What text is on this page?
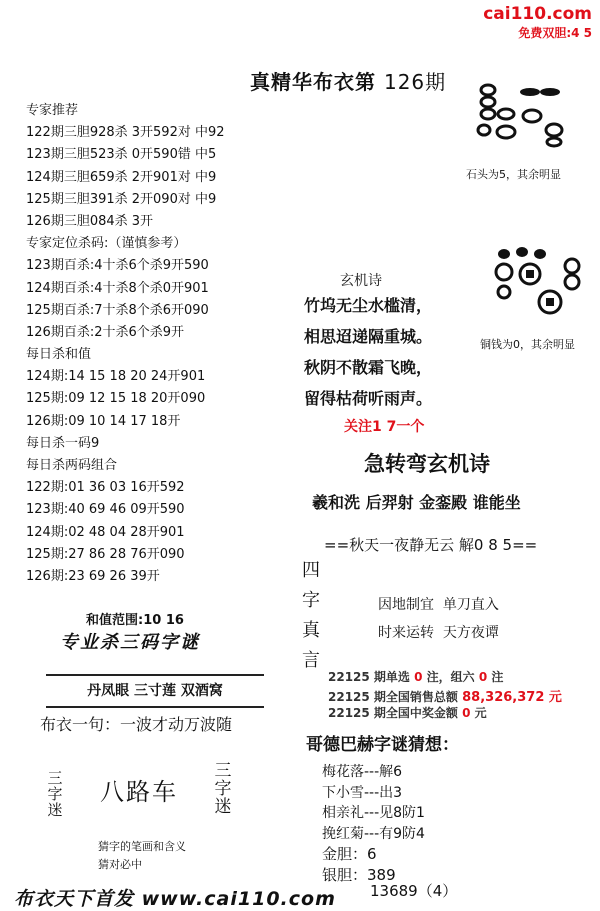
cai110.com
免费双胆:4 5
真精华布衣第 126期
专家推荐
122期三胆928杀 3开592对 中92
123期三胆523杀 0开590错 中5
124期三胆659杀 2开901对 中9
125期三胆391杀 2开090对 中9
126期三胆084杀 3开
专家定位杀码:（谨慎参考）
123期百杀:4十杀6个杀9开590
124期百杀:4十杀8个杀0开901
125期百杀:7十杀8个杀6开090
126期百杀:2十杀6个杀9开
每日杀和值
124期:14 15 18 20 24开901
125期:09 12 15 18 20开090
126期:09 10 14 17 18开
每日杀一码9
每日杀两码组合
122期:01 36 03 16开592
123期:40 69 46 09开590
124期:02 48 04 28开901
125期:27 86 28 76开090
126期:23 69 26 39开
和值范围:10 16
专业杀三码字谜
丹凤眼 三寸莲 双酒窝
布衣一句：一波才动万波随
三字迷
八路车
三字迷
猜字的笔画和含义
猜对必中
布衣天下首发 www.cai110.com
石头为5，其余明显
铜钱为0，其余明显
玄机诗
竹坞无尘水槛清，
相思迢递隔重城。
秋阴不散霜飞晚，
留得枯荷听雨声。
关注1 7一个
急转弯玄机诗
羲和洗 后羿射 金銮殿 谁能坐
==秋天一夜静无云 解0 8 5==
四
字
真
言
因地制宜  单刀直入
时来运转  天方夜谭
22125 期单选 0 注，组六 0 注
22125 期全国销售总额 88,326,372 元
22125 期全国中奖金额 0 元
哥德巴赫字谜猜想：
梅花落---解6
下小雪---出3
相亲礼---见8防1
挽红菊---有9防4
金胆：6
银胆：389
13689（4）
